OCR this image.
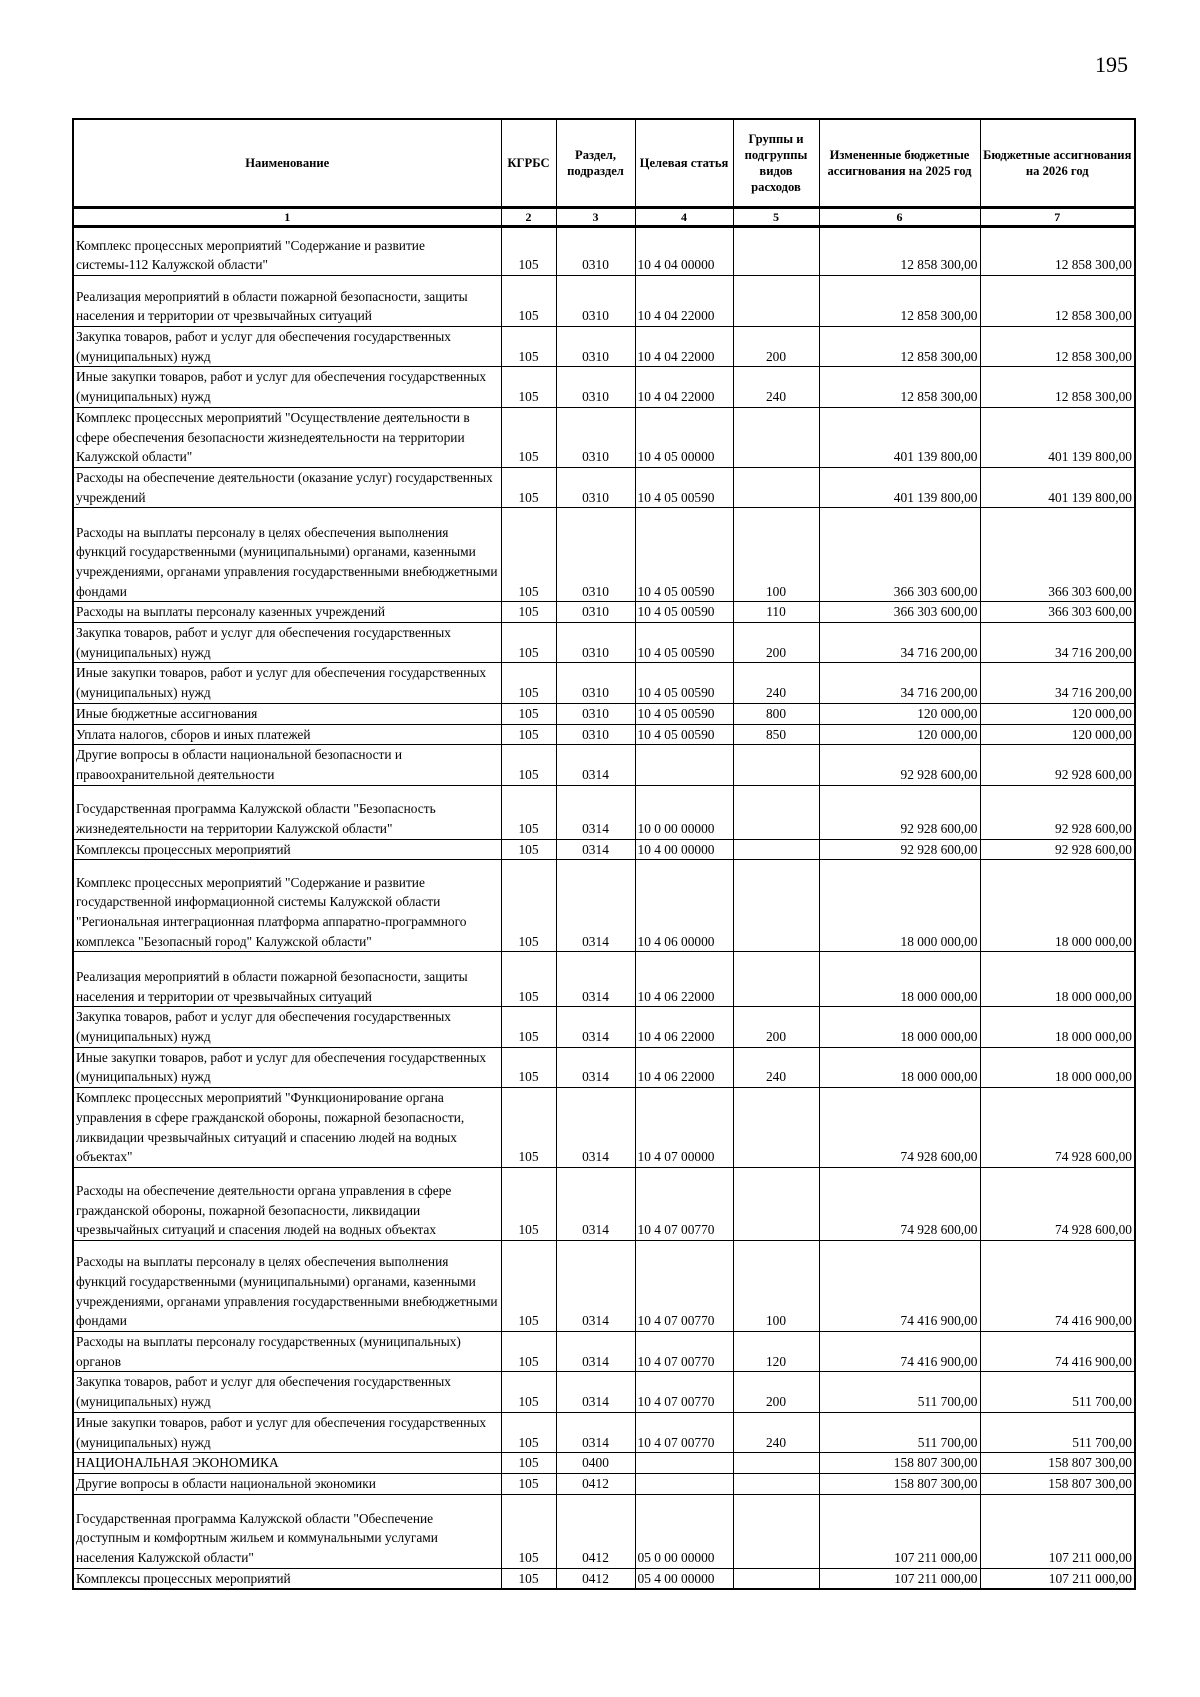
195
Наименование	КГРБС	Раздел, подраздел	Целевая статья	Группы и подгруппы видов расходов	Измененные бюджетные ассигнования на 2025 год	Бюджетные ассигнования на 2026 год
1	2	3	4	5	6	7
Комплекс процессных мероприятий "Содержание и развитие системы-112 Калужской области"	105	0310	10 4 04 00000		12 858 300,00	12 858 300,00
Реализация мероприятий в области пожарной безопасности, защиты населения и территории от чрезвычайных ситуаций	105	0310	10 4 04 22000		12 858 300,00	12 858 300,00
Закупка товаров, работ и услуг для обеспечения государственных (муниципальных) нужд	105	0310	10 4 04 22000	200	12 858 300,00	12 858 300,00
Иные закупки товаров, работ и услуг для обеспечения государственных (муниципальных) нужд	105	0310	10 4 04 22000	240	12 858 300,00	12 858 300,00
Комплекс процессных мероприятий "Осуществление деятельности в сфере обеспечения безопасности жизнедеятельности на территории Калужской области"	105	0310	10 4 05 00000		401 139 800,00	401 139 800,00
Расходы на обеспечение деятельности (оказание услуг) государственных учреждений	105	0310	10 4 05 00590		401 139 800,00	401 139 800,00
Расходы на выплаты персоналу в целях обеспечения выполнения функций государственными (муниципальными) органами, казенными учреждениями, органами управления государственными внебюджетными фондами	105	0310	10 4 05 00590	100	366 303 600,00	366 303 600,00
Расходы на выплаты персоналу казенных учреждений	105	0310	10 4 05 00590	110	366 303 600,00	366 303 600,00
Закупка товаров, работ и услуг для обеспечения государственных (муниципальных) нужд	105	0310	10 4 05 00590	200	34 716 200,00	34 716 200,00
Иные закупки товаров, работ и услуг для обеспечения государственных (муниципальных) нужд	105	0310	10 4 05 00590	240	34 716 200,00	34 716 200,00
Иные бюджетные ассигнования	105	0310	10 4 05 00590	800	120 000,00	120 000,00
Уплата налогов, сборов и иных платежей	105	0310	10 4 05 00590	850	120 000,00	120 000,00
Другие вопросы в области национальной безопасности и правоохранительной деятельности	105	0314			92 928 600,00	92 928 600,00
Государственная программа Калужской области "Безопасность жизнедеятельности на территории Калужской области"	105	0314	10 0 00 00000		92 928 600,00	92 928 600,00
Комплексы процессных мероприятий	105	0314	10 4 00 00000		92 928 600,00	92 928 600,00
Комплекс процессных мероприятий "Содержание и развитие государственной информационной системы Калужской области "Региональная интеграционная платформа аппаратно-программного комплекса "Безопасный город" Калужской области"	105	0314	10 4 06 00000		18 000 000,00	18 000 000,00
Реализация мероприятий в области пожарной безопасности, защиты населения и территории от чрезвычайных ситуаций	105	0314	10 4 06 22000		18 000 000,00	18 000 000,00
Закупка товаров, работ и услуг для обеспечения государственных (муниципальных) нужд	105	0314	10 4 06 22000	200	18 000 000,00	18 000 000,00
Иные закупки товаров, работ и услуг для обеспечения государственных (муниципальных) нужд	105	0314	10 4 06 22000	240	18 000 000,00	18 000 000,00
Комплекс процессных мероприятий "Функционирование органа управления в сфере гражданской обороны, пожарной безопасности, ликвидации чрезвычайных ситуаций и спасению людей на водных объектах"	105	0314	10 4 07 00000		74 928 600,00	74 928 600,00
Расходы на обеспечение деятельности органа управления в сфере гражданской обороны, пожарной безопасности, ликвидации чрезвычайных ситуаций и спасения людей на водных объектах	105	0314	10 4 07 00770		74 928 600,00	74 928 600,00
Расходы на выплаты персоналу в целях обеспечения выполнения функций государственными (муниципальными) органами, казенными учреждениями, органами управления государственными внебюджетными фондами	105	0314	10 4 07 00770	100	74 416 900,00	74 416 900,00
Расходы на выплаты персоналу государственных (муниципальных) органов	105	0314	10 4 07 00770	120	74 416 900,00	74 416 900,00
Закупка товаров, работ и услуг для обеспечения государственных (муниципальных) нужд	105	0314	10 4 07 00770	200	511 700,00	511 700,00
Иные закупки товаров, работ и услуг для обеспечения государственных (муниципальных) нужд	105	0314	10 4 07 00770	240	511 700,00	511 700,00
НАЦИОНАЛЬНАЯ ЭКОНОМИКА	105	0400			158 807 300,00	158 807 300,00
Другие вопросы в области национальной экономики	105	0412			158 807 300,00	158 807 300,00
Государственная программа Калужской области "Обеспечение доступным и комфортным жильем и коммунальными услугами населения Калужской области"	105	0412	05 0 00 00000		107 211 000,00	107 211 000,00
Комплексы процессных мероприятий	105	0412	05 4 00 00000		107 211 000,00	107 211 000,00
